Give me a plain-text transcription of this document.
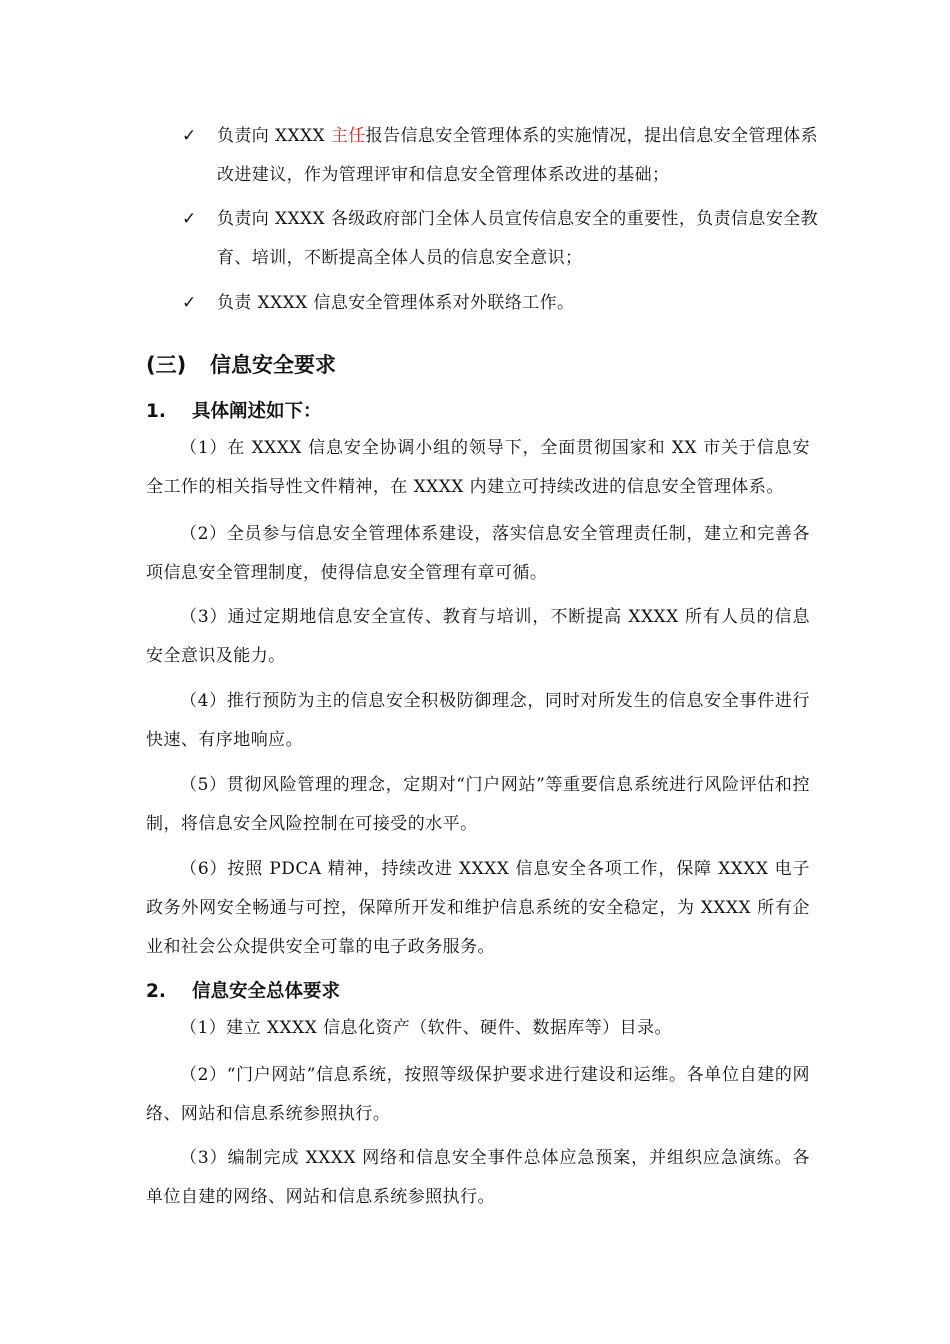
✓ 负责向 XXXX 主任报告信息安全管理体系的实施情况，提出信息安全管理体系改进建议，作为管理评审和信息安全管理体系改进的基础；
✓ 负责向 XXXX 各级政府部门全体人员宣传信息安全的重要性，负责信息安全教育、培训，不断提高全体人员的信息安全意识；
✓ 负责 XXXX 信息安全管理体系对外联络工作。
(三) 信息安全要求
1. 具体阐述如下：
（1）在 XXXX 信息安全协调小组的领导下，全面贯彻国家和 XX 市关于信息安全工作的相关指导性文件精神，在 XXXX 内建立可持续改进的信息安全管理体系。
（2）全员参与信息安全管理体系建设，落实信息安全管理责任制，建立和完善各项信息安全管理制度，使得信息安全管理有章可循。
（3）通过定期地信息安全宣传、教育与培训，不断提高 XXXX 所有人员的信息安全意识及能力。
（4）推行预防为主的信息安全积极防御理念，同时对所发生的信息安全事件进行快速、有序地响应。
（5）贯彻风险管理的理念，定期对“门户网站”等重要信息系统进行风险评估和控制，将信息安全风险控制在可接受的水平。
（6）按照 PDCA 精神，持续改进 XXXX 信息安全各项工作，保障 XXXX 电子政务外网安全畅通与可控，保障所开发和维护信息系统的安全稳定，为 XXXX 所有企业和社会公众提供安全可靠的电子政务服务。
2. 信息安全总体要求
（1）建立 XXXX 信息化资产（软件、硬件、数据库等）目录。
（2）“门户网站”信息系统，按照等级保护要求进行建设和运维。各单位自建的网络、网站和信息系统参照执行。
（3）编制完成 XXXX 网络和信息安全事件总体应急预案，并组织应急演练。各单位自建的网络、网站和信息系统参照执行。
